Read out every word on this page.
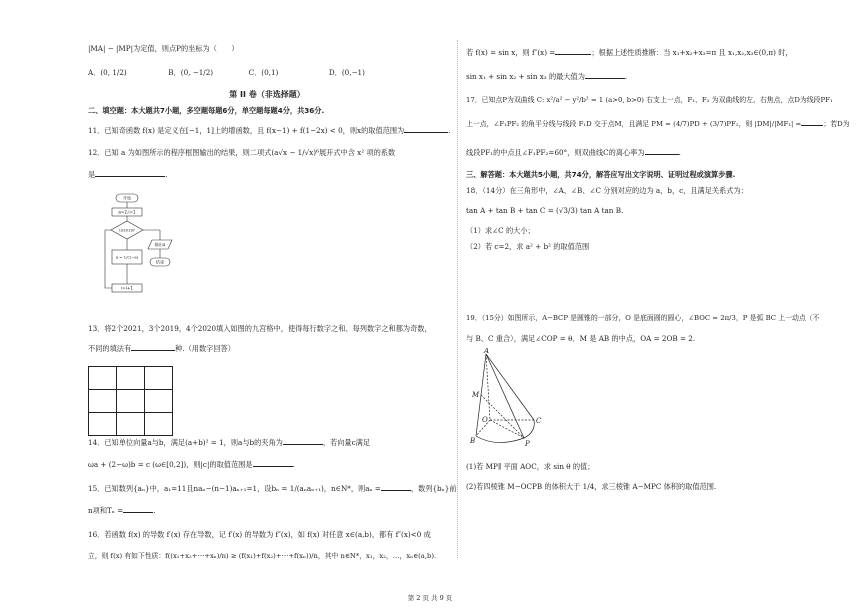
|MA| − |MP|为定值，则点P的坐标为（　　）
A．(0, 1/2)	B．(0, −1/2)	C．(0,1)	D．(0,−1)
第 II 卷（非选择题）
二、填空题：本大题共7小题，多空题每题6分，单空题每题4分，共36分.
11．已知奇函数 f(x) 是定义在[−1，1]上的增函数，且 f(x−1) + f(1−2x) < 0，则x的取值范围为	.
12．已知 a 为如图所示的程序框图输出的结果，则二项式(a√x − 1/√x)⁶展开式中含 x² 项的系数
是	.
13．将2个2021，3个2019，4个2020填入如图的九宫格中，使得每行数字之和、每列数字之和都为奇数，
不同的填法有	种.（用数字回答）
14．已知单位向量a与b，满足(a+b)² = 1，则a与b的夹角为	，若向量c满足
ωa + (2−ω)b = c (ω∈[0,2])，则|c|的取值范围是	.
15．已知数列{aₙ}中，a₁=11且naₙ−(n−1)aₙ₊₁=1，设bₙ = 1/(aₙaₙ₊₁)，n∈N*，则aₙ =	，数列{bₙ}前
n项和Tₙ =	.
16．若函数 f(x) 的导数 f′(x) 存在导数，记 f′(x) 的导数为 f″(x)，如 f(x) 对任意 x∈(a,b)，都有 f″(x)<0 成
立，则 f(x) 有如下性质：f((x₁+x₂+⋯+xₙ)/n) ≥ (f(x₁)+f(x₂)+⋯+f(xₙ))/n，其中 n∈N*，x₁，x₂，…，xₙ∈(a,b).
开始
a=2,i=1
i≤2019?
输出a
结束
a = 1/(1−a)
i=i+1

若 f(x) = sin x，则 f″(x) =	；根据上述性质推断：当 x₁+x₂+x₃=π 且 x₁,x₂,x₃∈(0,π) 时，
sin x₁ + sin x₂ + sin x₃ 的最大值为	.
17．已知点P为双曲线 C: x²/a² − y²/b² = 1 (a>0, b>0) 右支上一点，F₁、F₂ 为双曲线的左、右焦点，点D为线段PF₁
上一点，∠F₁PF₂ 的角平分线与线段 F₁D 交于点M，且满足 PM = (4/7)PD + (3/7)PF₂，则 |DM|/|MF₁| =	；若D为
线段PF₁的中点且∠F₁PF₂=60°，则双曲线C的离心率为	.
三、解答题：本大题共5小题，共74分，解答应写出文字说明、证明过程或演算步骤.
18．（14分）在三角形中，∠A、∠B、∠C 分别对应的边为 a，b，c，且满足关系式为：
tan A + tan B + tan C = (√3/3) tan A tan B.
（1）求∠C 的大小；
（2）若 c=2，求 a² + b² 的取值范围
19．（15分）如图所示，A−BCP 是圆锥的一部分，O 是底面圆的圆心，∠BOC = 2π/3，P 是弧 BC 上一动点（不
与 B、C 重合），满足∠COP = θ．M 是 AB 的中点，OA = 2OB = 2.
(1)若 MP∥ 平面 AOC，求 sin θ 的值；
(2)若四棱锥 M−OCPB 的体积大于 1/4，求三棱锥 A−MPC 体积的取值范围.
A
M
O	C
B	P
第 2 页 共 9 页
